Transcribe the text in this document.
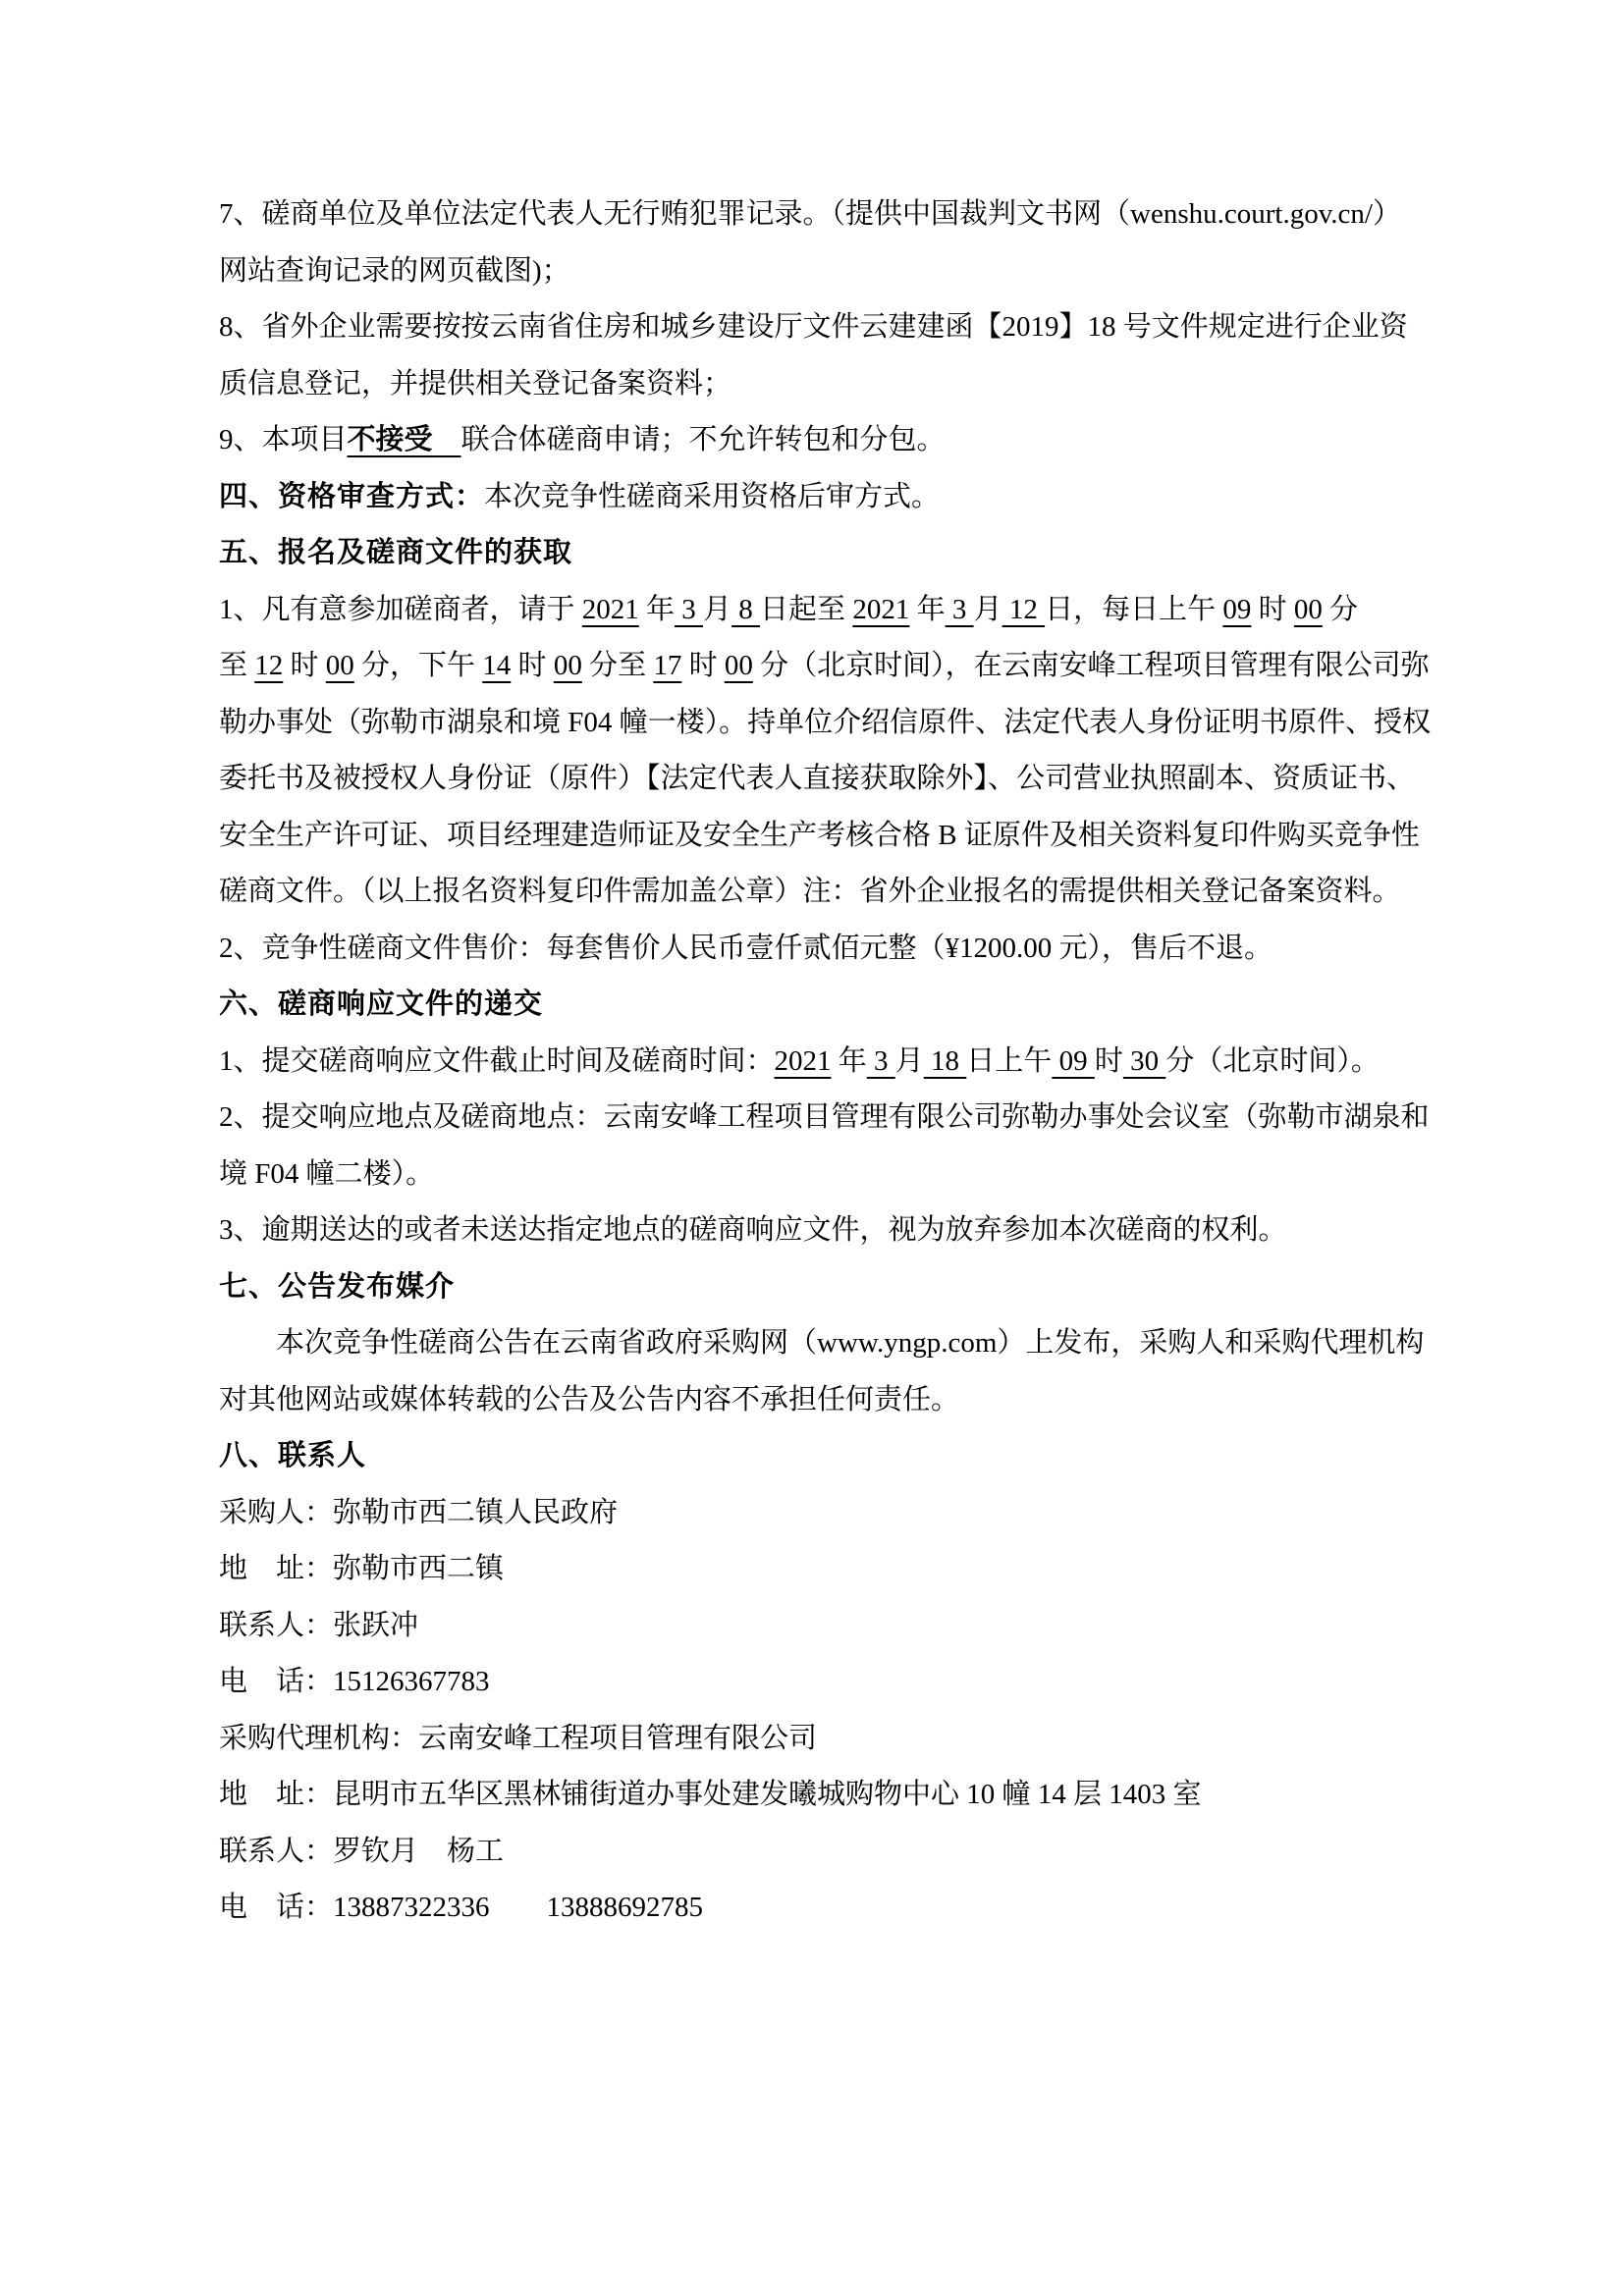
7、磋商单位及单位法定代表人无行贿犯罪记录。（提供中国裁判文书网（wenshu.court.gov.cn/）
网站查询记录的网页截图)；
8、省外企业需要按按云南省住房和城乡建设厅文件云建建函【2019】18 号文件规定进行企业资
质信息登记，并提供相关登记备案资料；
9、本项目不接受　 联合体磋商申请；不允许转包和分包。
四、资格审查方式：本次竞争性磋商采用资格后审方式。
五、报名及磋商文件的获取
1、凡有意参加磋商者，请于 2021 年 3 月 8 日起至 2021 年 3 月 12 日，每日上午 09 时 00 分
至 12 时 00 分，下午 14 时 00 分至 17 时 00 分（北京时间），在云南安峰工程项目管理有限公司弥
勒办事处（弥勒市湖泉和境 F04 幢一楼）。持单位介绍信原件、法定代表人身份证明书原件、授权
委托书及被授权人身份证（原件）【法定代表人直接获取除外】、公司营业执照副本、资质证书、
安全生产许可证、项目经理建造师证及安全生产考核合格 B 证原件及相关资料复印件购买竞争性
磋商文件。（以上报名资料复印件需加盖公章）注：省外企业报名的需提供相关登记备案资料。
2、竞争性磋商文件售价：每套售价人民币壹仟贰佰元整（¥1200.00 元），售后不退。
六、磋商响应文件的递交
1、提交磋商响应文件截止时间及磋商时间：2021 年 3 月 18 日上午 09 时 30 分（北京时间）。
2、提交响应地点及磋商地点：云南安峰工程项目管理有限公司弥勒办事处会议室（弥勒市湖泉和
境 F04 幢二楼）。
3、逾期送达的或者未送达指定地点的磋商响应文件，视为放弃参加本次磋商的权利。
七、公告发布媒介
本次竞争性磋商公告在云南省政府采购网（www.yngp.com）上发布，采购人和采购代理机构
对其他网站或媒体转载的公告及公告内容不承担任何责任。
八、联系人
采购人：弥勒市西二镇人民政府
地　址：弥勒市西二镇
联系人：张跃冲
电　话：15126367783
采购代理机构：云南安峰工程项目管理有限公司
地　址：昆明市五华区黑林铺街道办事处建发曦城购物中心 10 幢 14 层 1403 室
联系人：罗钦月　杨工
电　话：13887322336　　13888692785
